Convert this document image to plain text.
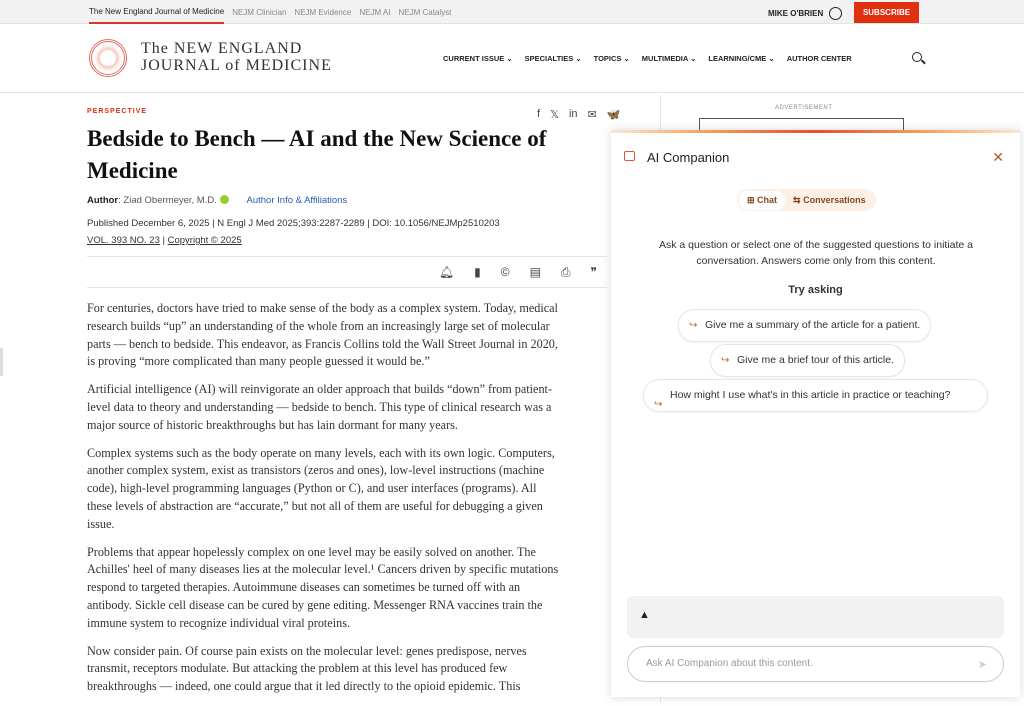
The New England Journal of Medicine NEJM Clinician NEJM Evidence NEJM AI NEJM Catalyst	MIKE O'BRIEN	SUBSCRIBE
The NEW ENGLAND
JOURNAL of MEDICINE	CURRENT ISSUE ⌄ SPECIALTIES ⌄ TOPICS ⌄ MULTIMEDIA ⌄ LEARNING/CME ⌄ AUTHOR CENTER
PERSPECTIVE	f 𝕏 in ✉ 🦋
Bedside to Bench — AI and the New Science of Medicine
Author: Ziad Obermeyer, M.D.	Author Info & Affiliations
Published December 6, 2025 | N Engl J Med 2025;393:2287-2289 | DOI: 10.1056/NEJMp2510203
VOL. 393 NO. 23 | Copyright © 2025
🔔︎ ▮ © ▤ ⎙ ❞

For centuries, doctors have tried to make sense of the body as a complex system. Today, medical research builds “up” an understanding of the whole from an increasingly large set of molecular parts — bench to bedside. This endeavor, as Francis Collins told the Wall Street Journal in 2020, is proving “more complicated than many people guessed it would be.”

Artificial intelligence (AI) will reinvigorate an older approach that builds “down” from patient-level data to theory and understanding — bedside to bench. This type of clinical research was a major source of historic breakthroughs but has lain dormant for many years.

Complex systems such as the body operate on many levels, each with its own logic. Computers, another complex system, exist as transistors (zeros and ones), low-level instructions (machine code), high-level programming languages (Python or C), and user interfaces (programs). All these levels of abstraction are “accurate,” but not all of them are useful for debugging a given issue.

Problems that appear hopelessly complex on one level may be easily solved on another. The Achilles' heel of many diseases lies at the molecular level.¹ Cancers driven by specific mutations respond to targeted therapies. Autoimmune diseases can sometimes be turned off with an antibody. Sickle cell disease can be cured by gene editing. Messenger RNA vaccines train the immune system to recognize individual viral proteins.

Now consider pain. Of course pain exists on the molecular level: genes predispose, nerves transmit, receptors modulate. But attacking the problem at this level has produced few breakthroughs — indeed, one could argue that it led directly to the opioid epidemic. This

ADVERTISEMENT
AI Companion	✕
⊞ Chat	⇆ Conversations
Ask a question or select one of the suggested questions to initiate a conversation. Answers come only from this content.
Try asking
↪ Give me a summary of the article for a patient.
↪ Give me a brief tour of this article.
↪
How might I use what's in this article in practice or teaching?
▲
Ask AI Companion about this content.	➤
